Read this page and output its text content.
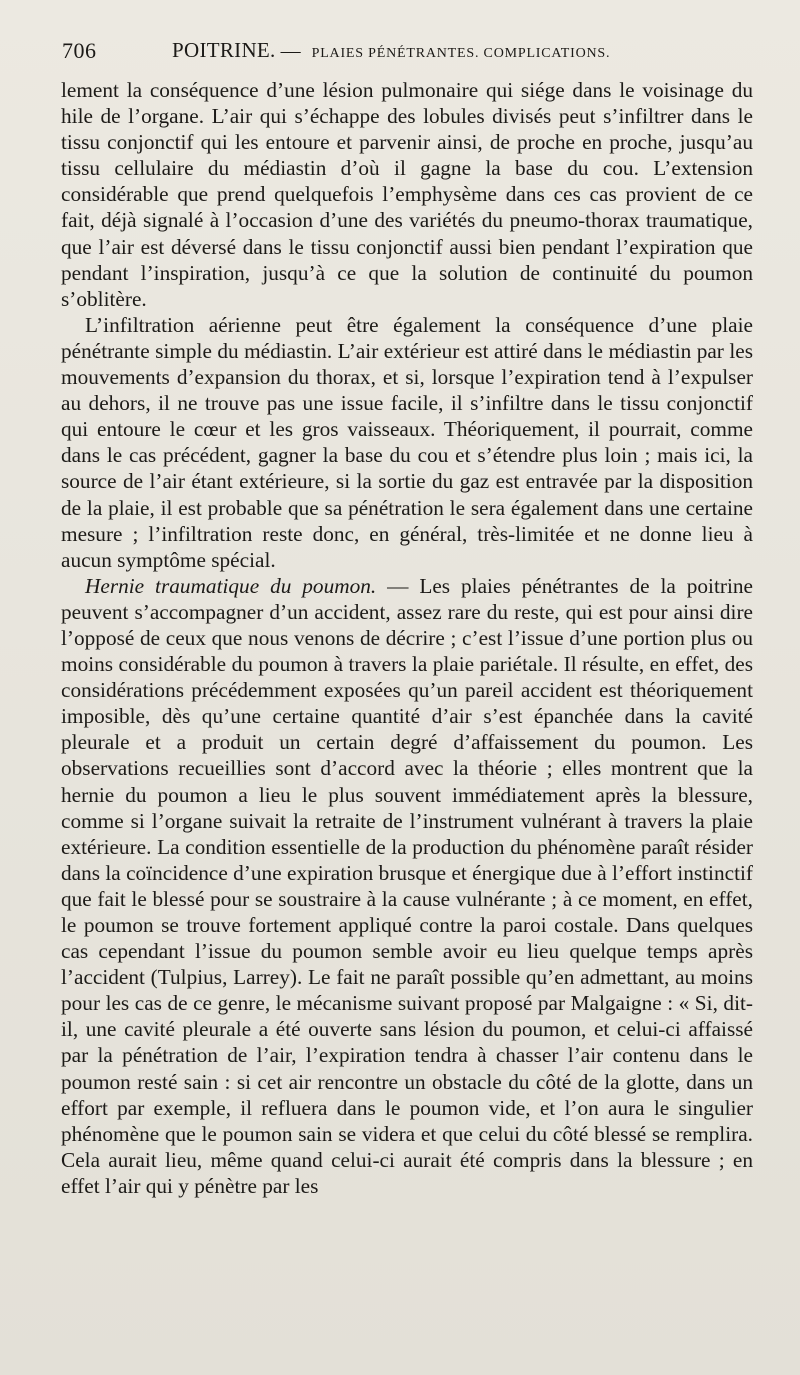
706	POITRINE. — PLAIES PÉNÉTRANTES. COMPLICATIONS.

lement la conséquence d’une lésion pulmonaire qui siége dans le voisinage du hile de l’organe. L’air qui s’échappe des lobules divisés peut s’infiltrer dans le tissu conjonctif qui les entoure et parvenir ainsi, de proche en proche, jusqu’au tissu cellulaire du médiastin d’où il gagne la base du cou. L’extension considérable que prend quelquefois l’emphysème dans ces cas provient de ce fait, déjà signalé à l’occasion d’une des variétés du pneumo-thorax traumatique, que l’air est déversé dans le tissu conjonctif aussi bien pendant l’expiration que pendant l’inspiration, jusqu’à ce que la solution de continuité du poumon s’oblitère.

L’infiltration aérienne peut être également la conséquence d’une plaie pénétrante simple du médiastin. L’air extérieur est attiré dans le médiastin par les mouvements d’expansion du thorax, et si, lorsque l’expiration tend à l’expulser au dehors, il ne trouve pas une issue facile, il s’infiltre dans le tissu conjonctif qui entoure le cœur et les gros vaisseaux. Théoriquement, il pourrait, comme dans le cas précédent, gagner la base du cou et s’étendre plus loin ; mais ici, la source de l’air étant extérieure, si la sortie du gaz est entravée par la disposition de la plaie, il est probable que sa pénétration le sera également dans une certaine mesure ; l’infiltration reste donc, en général, très-limitée et ne donne lieu à aucun symptôme spécial.

Hernie traumatique du poumon. — Les plaies pénétrantes de la poitrine peuvent s’accompagner d’un accident, assez rare du reste, qui est pour ainsi dire l’opposé de ceux que nous venons de décrire ; c’est l’issue d’une portion plus ou moins considérable du poumon à travers la plaie pariétale. Il résulte, en effet, des considérations précédemment exposées qu’un pareil accident est théoriquement imposible, dès qu’une certaine quantité d’air s’est épanchée dans la cavité pleurale et a produit un certain degré d’affaissement du poumon. Les observations recueillies sont d’accord avec la théorie ; elles montrent que la hernie du poumon a lieu le plus souvent immédiatement après la blessure, comme si l’organe suivait la retraite de l’instrument vulnérant à travers la plaie extérieure. La condition essentielle de la production du phénomène paraît résider dans la coïncidence d’une expiration brusque et énergique due à l’effort instinctif que fait le blessé pour se soustraire à la cause vulnérante ; à ce moment, en effet, le poumon se trouve fortement appliqué contre la paroi costale. Dans quelques cas cependant l’issue du poumon semble avoir eu lieu quelque temps après l’accident (Tulpius, Larrey). Le fait ne paraît possible qu’en admettant, au moins pour les cas de ce genre, le mécanisme suivant proposé par Malgaigne : « Si, dit-il, une cavité pleurale a été ouverte sans lésion du poumon, et celui-ci affaissé par la pénétration de l’air, l’expiration tendra à chasser l’air contenu dans le poumon resté sain : si cet air rencontre un obstacle du côté de la glotte, dans un effort par exemple, il refluera dans le poumon vide, et l’on aura le singulier phénomène que le poumon sain se videra et que celui du côté blessé se remplira. Cela aurait lieu, même quand celui-ci aurait été compris dans la blessure ; en effet l’air qui y pénètre par les
